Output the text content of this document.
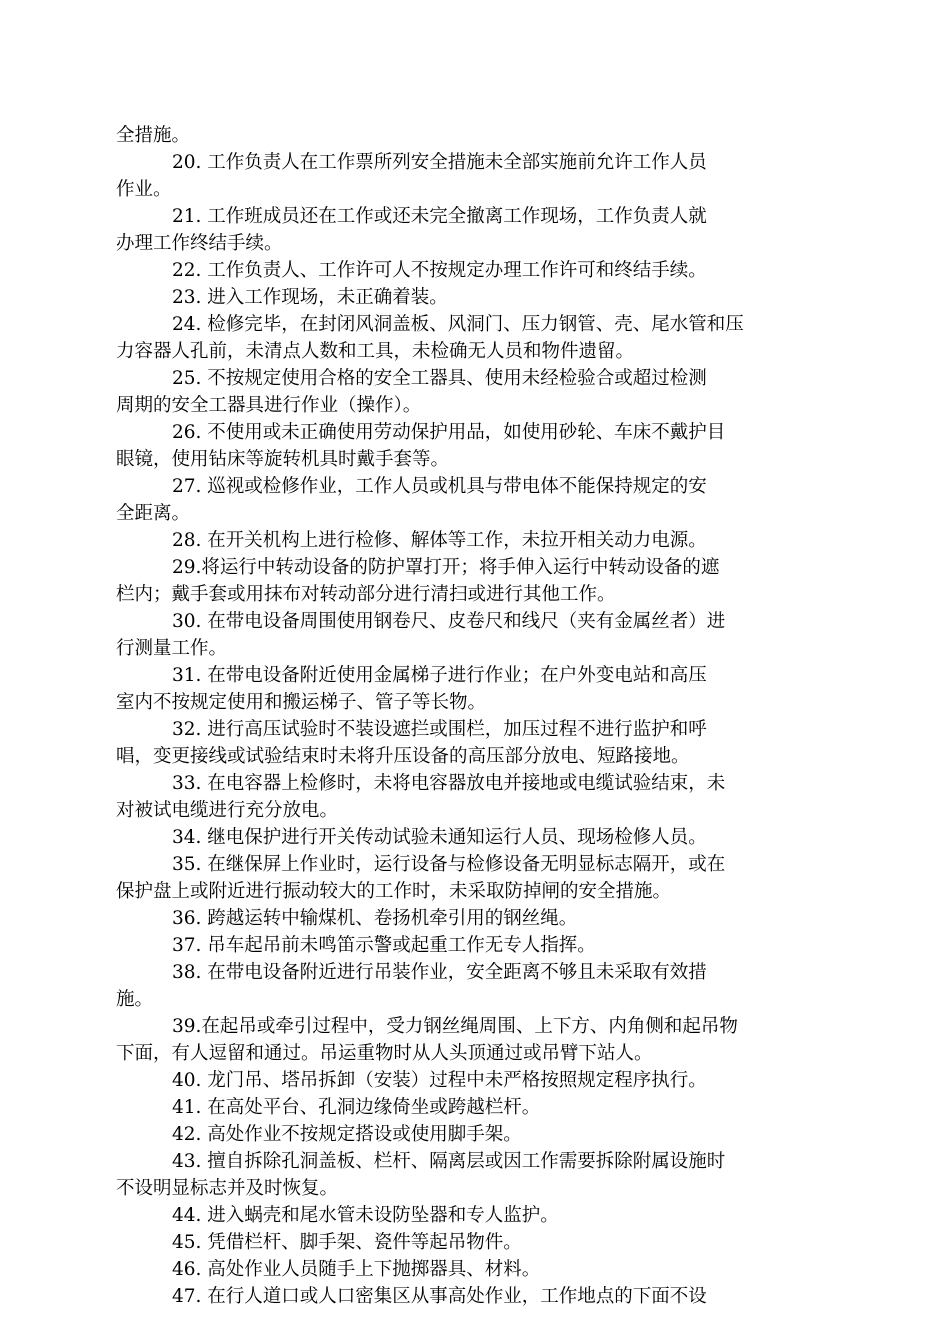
全措施。
20. 工作负责人在工作票所列安全措施未全部实施前允许工作人员
作业。
21. 工作班成员还在工作或还未完全撤离工作现场，工作负责人就
办理工作终结手续。
22. 工作负责人、工作许可人不按规定办理工作许可和终结手续。
23. 进入工作现场，未正确着装。
24. 检修完毕，在封闭风洞盖板、风洞门、压力钢管、壳、尾水管和压
力容器人孔前，未清点人数和工具，未检确无人员和物件遗留。
25. 不按规定使用合格的安全工器具、使用未经检验合或超过检测
周期的安全工器具进行作业（操作）。
26. 不使用或未正确使用劳动保护用品，如使用砂轮、车床不戴护目
眼镜，使用钻床等旋转机具时戴手套等。
27. 巡视或检修作业，工作人员或机具与带电体不能保持规定的安
全距离。
28. 在开关机构上进行检修、解体等工作，未拉开相关动力电源。
29.将运行中转动设备的防护罩打开；将手伸入运行中转动设备的遮
栏内；戴手套或用抹布对转动部分进行清扫或进行其他工作。
30. 在带电设备周围使用钢卷尺、皮卷尺和线尺（夹有金属丝者）进
行测量工作。
31. 在带电设备附近使用金属梯子进行作业；在户外变电站和高压
室内不按规定使用和搬运梯子、管子等长物。
32. 进行高压试验时不装设遮拦或围栏，加压过程不进行监护和呼
唱，变更接线或试验结束时未将升压设备的高压部分放电、短路接地。
33. 在电容器上检修时，未将电容器放电并接地或电缆试验结束，未
对被试电缆进行充分放电。
34. 继电保护进行开关传动试验未通知运行人员、现场检修人员。
35. 在继保屏上作业时，运行设备与检修设备无明显标志隔开，或在
保护盘上或附近进行振动较大的工作时，未采取防掉闸的安全措施。
36. 跨越运转中输煤机、卷扬机牵引用的钢丝绳。
37. 吊车起吊前未鸣笛示警或起重工作无专人指挥。
38. 在带电设备附近进行吊装作业，安全距离不够且未采取有效措
施。
39.在起吊或牵引过程中，受力钢丝绳周围、上下方、内角侧和起吊物
下面，有人逗留和通过。吊运重物时从人头顶通过或吊臂下站人。
40. 龙门吊、塔吊拆卸（安装）过程中未严格按照规定程序执行。
41. 在高处平台、孔洞边缘倚坐或跨越栏杆。
42. 高处作业不按规定搭设或使用脚手架。
43. 擅自拆除孔洞盖板、栏杆、隔离层或因工作需要拆除附属设施时
不设明显标志并及时恢复。
44. 进入蜗壳和尾水管未设防坠器和专人监护。
45. 凭借栏杆、脚手架、瓷件等起吊物件。
46. 高处作业人员随手上下抛掷器具、材料。
47. 在行人道口或人口密集区从事高处作业，工作地点的下面不设
